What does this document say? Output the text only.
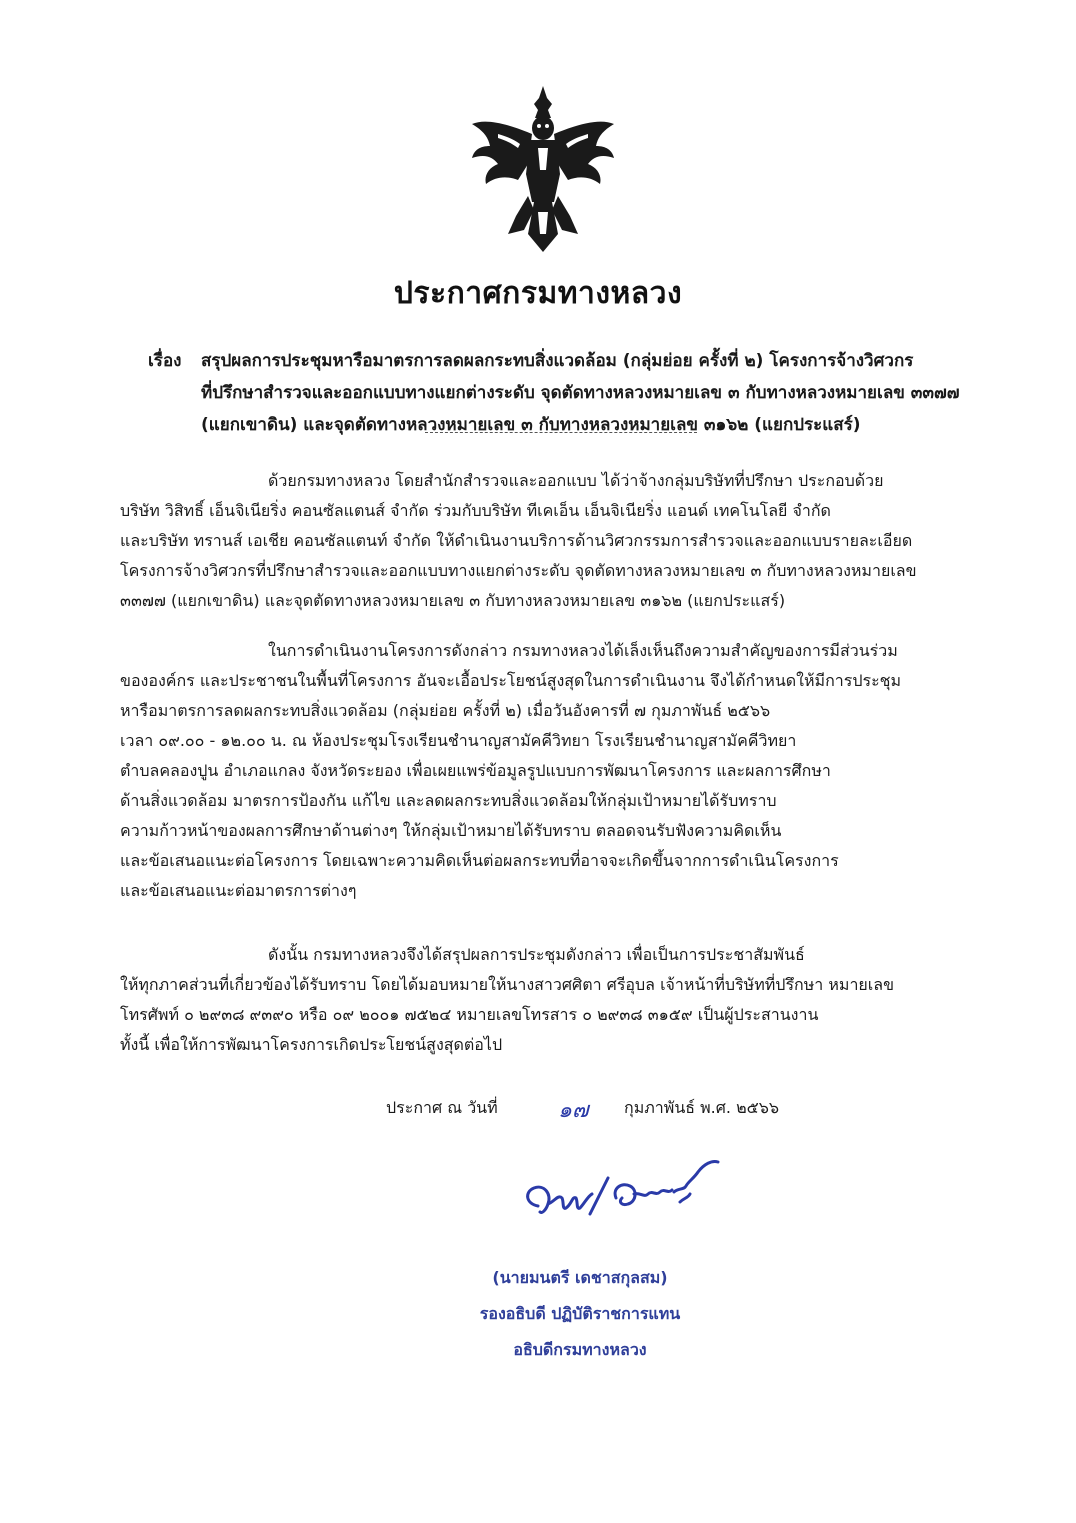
ประกาศกรมทางหลวง
เรื่อง	สรุปผลการประชุมหารือมาตรการลดผลกระทบสิ่งแวดล้อม (กลุ่มย่อย ครั้งที่ ๒) โครงการจ้างวิศวกร
ที่ปรึกษาสำรวจและออกแบบทางแยกต่างระดับ จุดตัดทางหลวงหมายเลข ๓ กับทางหลวงหมายเลข ๓๓๗๗
(แยกเขาดิน) และจุดตัดทางหลวงหมายเลข ๓ กับทางหลวงหมายเลข ๓๑๖๒ (แยกประแสร์)
ด้วยกรมทางหลวง โดยสำนักสำรวจและออกแบบ ได้ว่าจ้างกลุ่มบริษัทที่ปรึกษา ประกอบด้วย
บริษัท วิสิทธิ์ เอ็นจิเนียริ่ง คอนซัลแตนส์ จำกัด ร่วมกับบริษัท ทีเคเอ็น เอ็นจิเนียริ่ง แอนด์ เทคโนโลยี จำกัด
และบริษัท ทรานส์ เอเชีย คอนซัลแตนท์ จำกัด ให้ดำเนินงานบริการด้านวิศวกรรมการสำรวจและออกแบบรายละเอียด
โครงการจ้างวิศวกรที่ปรึกษาสำรวจและออกแบบทางแยกต่างระดับ จุดตัดทางหลวงหมายเลข ๓ กับทางหลวงหมายเลข
๓๓๗๗ (แยกเขาดิน) และจุดตัดทางหลวงหมายเลข ๓ กับทางหลวงหมายเลข ๓๑๖๒ (แยกประแสร์)
ในการดำเนินงานโครงการดังกล่าว กรมทางหลวงได้เล็งเห็นถึงความสำคัญของการมีส่วนร่วม
ขององค์กร และประชาชนในพื้นที่โครงการ อันจะเอื้อประโยชน์สูงสุดในการดำเนินงาน จึงได้กำหนดให้มีการประชุม
หารือมาตรการลดผลกระทบสิ่งแวดล้อม (กลุ่มย่อย ครั้งที่ ๒) เมื่อวันอังคารที่ ๗ กุมภาพันธ์ ๒๕๖๖
เวลา ๐๙.๐๐ - ๑๒.๐๐ น. ณ ห้องประชุมโรงเรียนชำนาญสามัคคีวิทยา โรงเรียนชำนาญสามัคคีวิทยา
ตำบลคลองปูน อำเภอแกลง จังหวัดระยอง เพื่อเผยแพร่ข้อมูลรูปแบบการพัฒนาโครงการ และผลการศึกษา
ด้านสิ่งแวดล้อม มาตรการป้องกัน แก้ไข และลดผลกระทบสิ่งแวดล้อมให้กลุ่มเป้าหมายได้รับทราบ
ความก้าวหน้าของผลการศึกษาด้านต่างๆ ให้กลุ่มเป้าหมายได้รับทราบ ตลอดจนรับฟังความคิดเห็น
และข้อเสนอแนะต่อโครงการ โดยเฉพาะความคิดเห็นต่อผลกระทบที่อาจจะเกิดขึ้นจากการดำเนินโครงการ
และข้อเสนอแนะต่อมาตรการต่างๆ
ดังนั้น กรมทางหลวงจึงได้สรุปผลการประชุมดังกล่าว เพื่อเป็นการประชาสัมพันธ์
ให้ทุกภาคส่วนที่เกี่ยวข้องได้รับทราบ โดยได้มอบหมายให้นางสาวศศิตา ศรีอุบล เจ้าหน้าที่บริษัทที่ปรึกษา หมายเลข
โทรศัพท์ ๐ ๒๙๓๘ ๙๓๙๐ หรือ ๐๙ ๒๐๐๑ ๗๕๒๔ หมายเลขโทรสาร ๐ ๒๙๓๘ ๓๑๕๙ เป็นผู้ประสานงาน
ทั้งนี้ เพื่อให้การพัฒนาโครงการเกิดประโยชน์สูงสุดต่อไป
ประกาศ ณ วันที่	๑๗ กุมภาพันธ์ พ.ศ. ๒๕๖๖
(นายมนตรี เดชาสกุลสม)
รองอธิบดี ปฏิบัติราชการแทน
อธิบดีกรมทางหลวง
